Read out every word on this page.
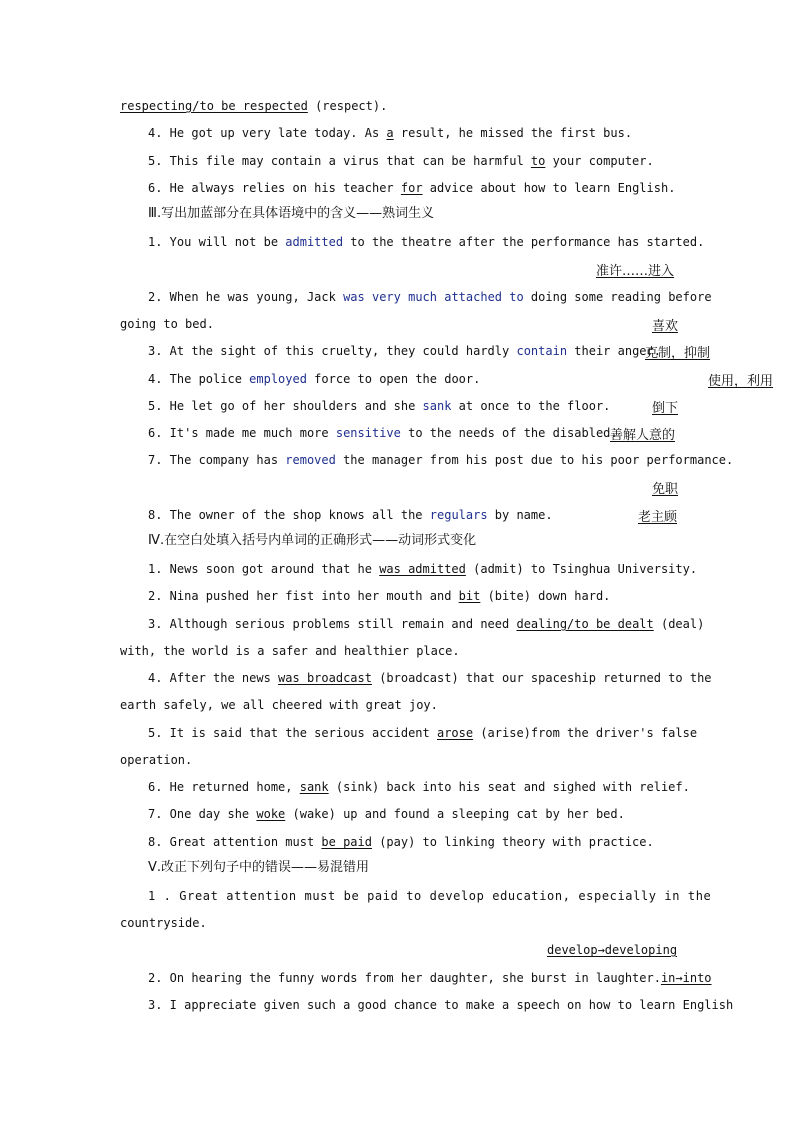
respecting/to be respected (respect).
4. He got up very late today. As a result, he missed the first bus.
5. This file may contain a virus that can be harmful to your computer.
6. He always relies on his teacher for advice about how to learn English.
Ⅲ.写出加蓝部分在具体语境中的含义——熟词生义
1. You will not be admitted to the theatre after the performance has started.
准许……进入
2. When he was young, Jack was very much attached to doing some reading before
going to bed.	喜欢
3. At the sight of this cruelty, they could hardly contain their anger.
克制，抑制
4. The police employed force to open the door.	使用，利用
5. He let go of her shoulders and she sank at once to the floor.	倒下
6. It's made me much more sensitive to the needs of the disabled.
善解人意的
7. The company has removed the manager from his post due to his poor performance.
免职
8. The owner of the shop knows all the regulars by name.	老主顾
Ⅳ.在空白处填入括号内单词的正确形式——动词形式变化
1. News soon got around that he was admitted (admit) to Tsinghua University.
2. Nina pushed her fist into her mouth and bit (bite) down hard.
3. Although serious problems still remain and need dealing/to be dealt (deal)
with, the world is a safer and healthier place.
4. After the news was broadcast (broadcast) that our spaceship returned to the
earth safely, we all cheered with great joy.
5. It is said that the serious accident arose (arise)from the driver's false
operation.
6. He returned home, sank (sink) back into his seat and sighed with relief.
7. One day she woke (wake) up and found a sleeping cat by her bed.
8. Great attention must be paid (pay) to linking theory with practice.
Ⅴ.改正下列句子中的错误——易混错用
1 . Great attention must be paid to develop education, especially in the
countryside.
develop→developing
2. On hearing the funny words from her daughter, she burst in laughter.in→into
3. I appreciate given such a good chance to make a speech on how to learn English
